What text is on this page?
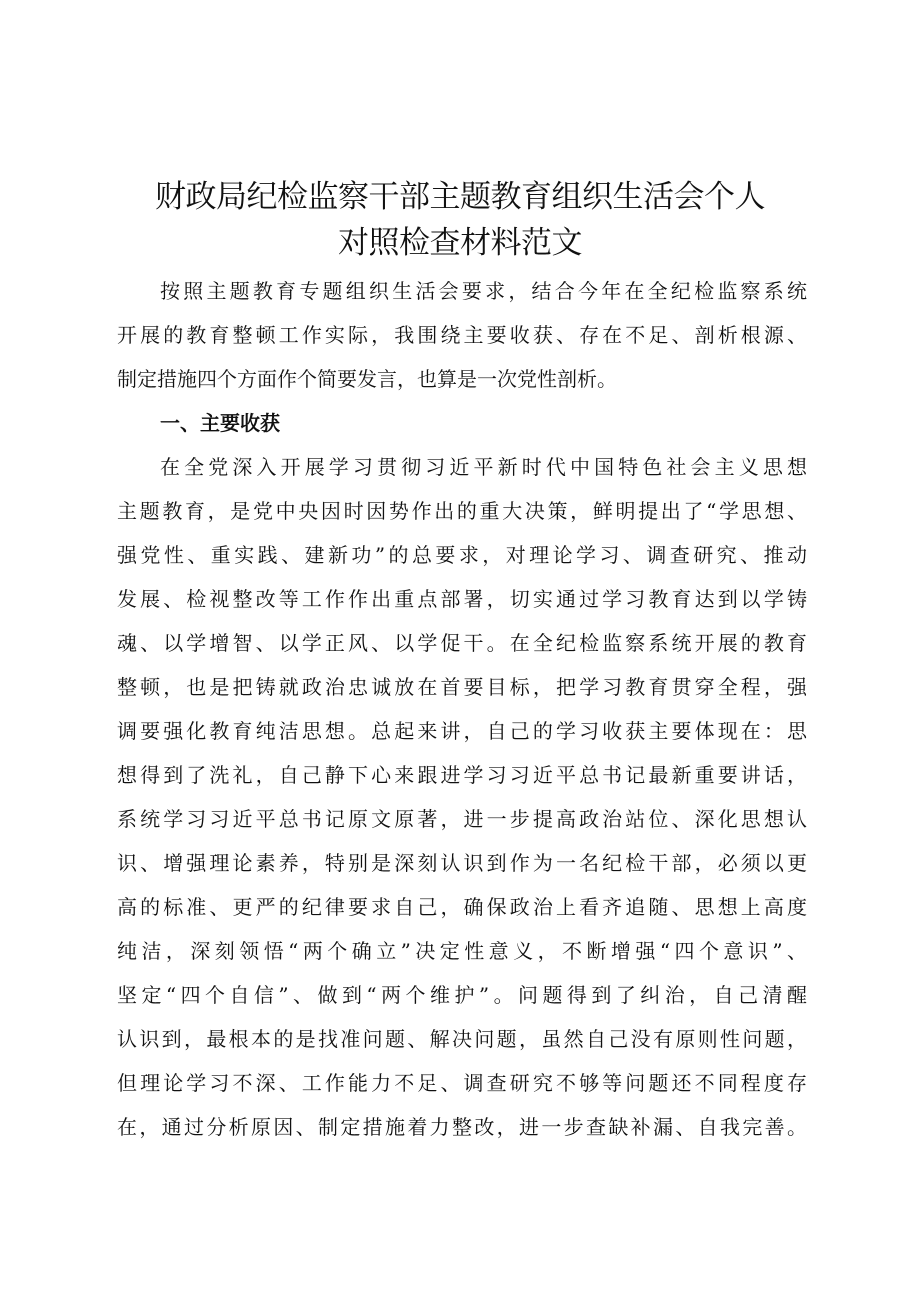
财政局纪检监察干部主题教育组织生活会个人
对照检查材料范文
按照主题教育专题组织生活会要求，结合今年在全纪检监察系统
开展的教育整顿工作实际，我围绕主要收获、存在不足、剖析根源、
制定措施四个方面作个简要发言，也算是一次党性剖析。
一、主要收获
在全党深入开展学习贯彻习近平新时代中国特色社会主义思想
主题教育，是党中央因时因势作出的重大决策，鲜明提出了“学思想、
强党性、重实践、建新功”的总要求，对理论学习、调查研究、推动
发展、检视整改等工作作出重点部署，切实通过学习教育达到以学铸
魂、以学增智、以学正风、以学促干。在全纪检监察系统开展的教育
整顿，也是把铸就政治忠诚放在首要目标，把学习教育贯穿全程，强
调要强化教育纯洁思想。总起来讲，自己的学习收获主要体现在：思
想得到了洗礼，自己静下心来跟进学习习近平总书记最新重要讲话，
系统学习习近平总书记原文原著，进一步提高政治站位、深化思想认
识、增强理论素养，特别是深刻认识到作为一名纪检干部，必须以更
高的标准、更严的纪律要求自己，确保政治上看齐追随、思想上高度
纯洁，深刻领悟“两个确立”决定性意义，不断增强“四个意识”、
坚定“四个自信”、做到“两个维护”。问题得到了纠治，自己清醒
认识到，最根本的是找准问题、解决问题，虽然自己没有原则性问题，
但理论学习不深、工作能力不足、调查研究不够等问题还不同程度存
在，通过分析原因、制定措施着力整改，进一步查缺补漏、自我完善。
